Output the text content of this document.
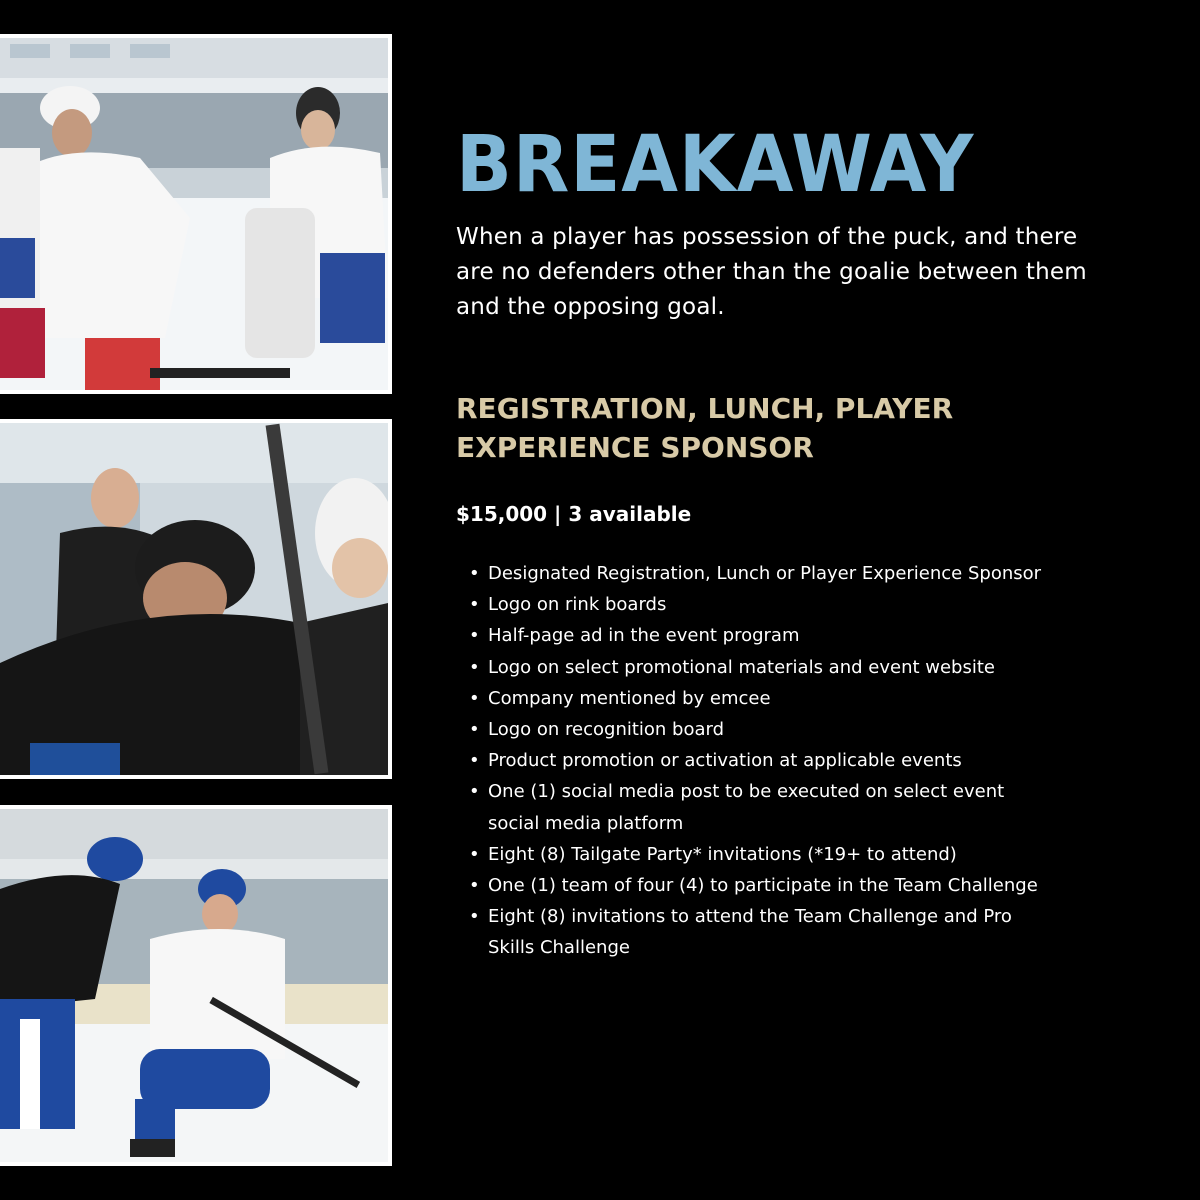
BREAKAWAY

When a player has possession of the puck, and there are no defenders other than the goalie between them and the opposing goal.

REGISTRATION, LUNCH, PLAYER EXPERIENCE SPONSOR

$15,000 | 3 available

• Designated Registration, Lunch or Player Experience Sponsor
• Logo on rink boards
• Half-page ad in the event program
• Logo on select promotional materials and event website
• Company mentioned by emcee
• Logo on recognition board
• Product promotion or activation at applicable events
• One (1) social media post to be executed on select event social media platform
• Eight (8) Tailgate Party* invitations (*19+ to attend)
• One (1) team of four (4) to participate in the Team Challenge
• Eight (8) invitations to attend the Team Challenge and Pro Skills Challenge
